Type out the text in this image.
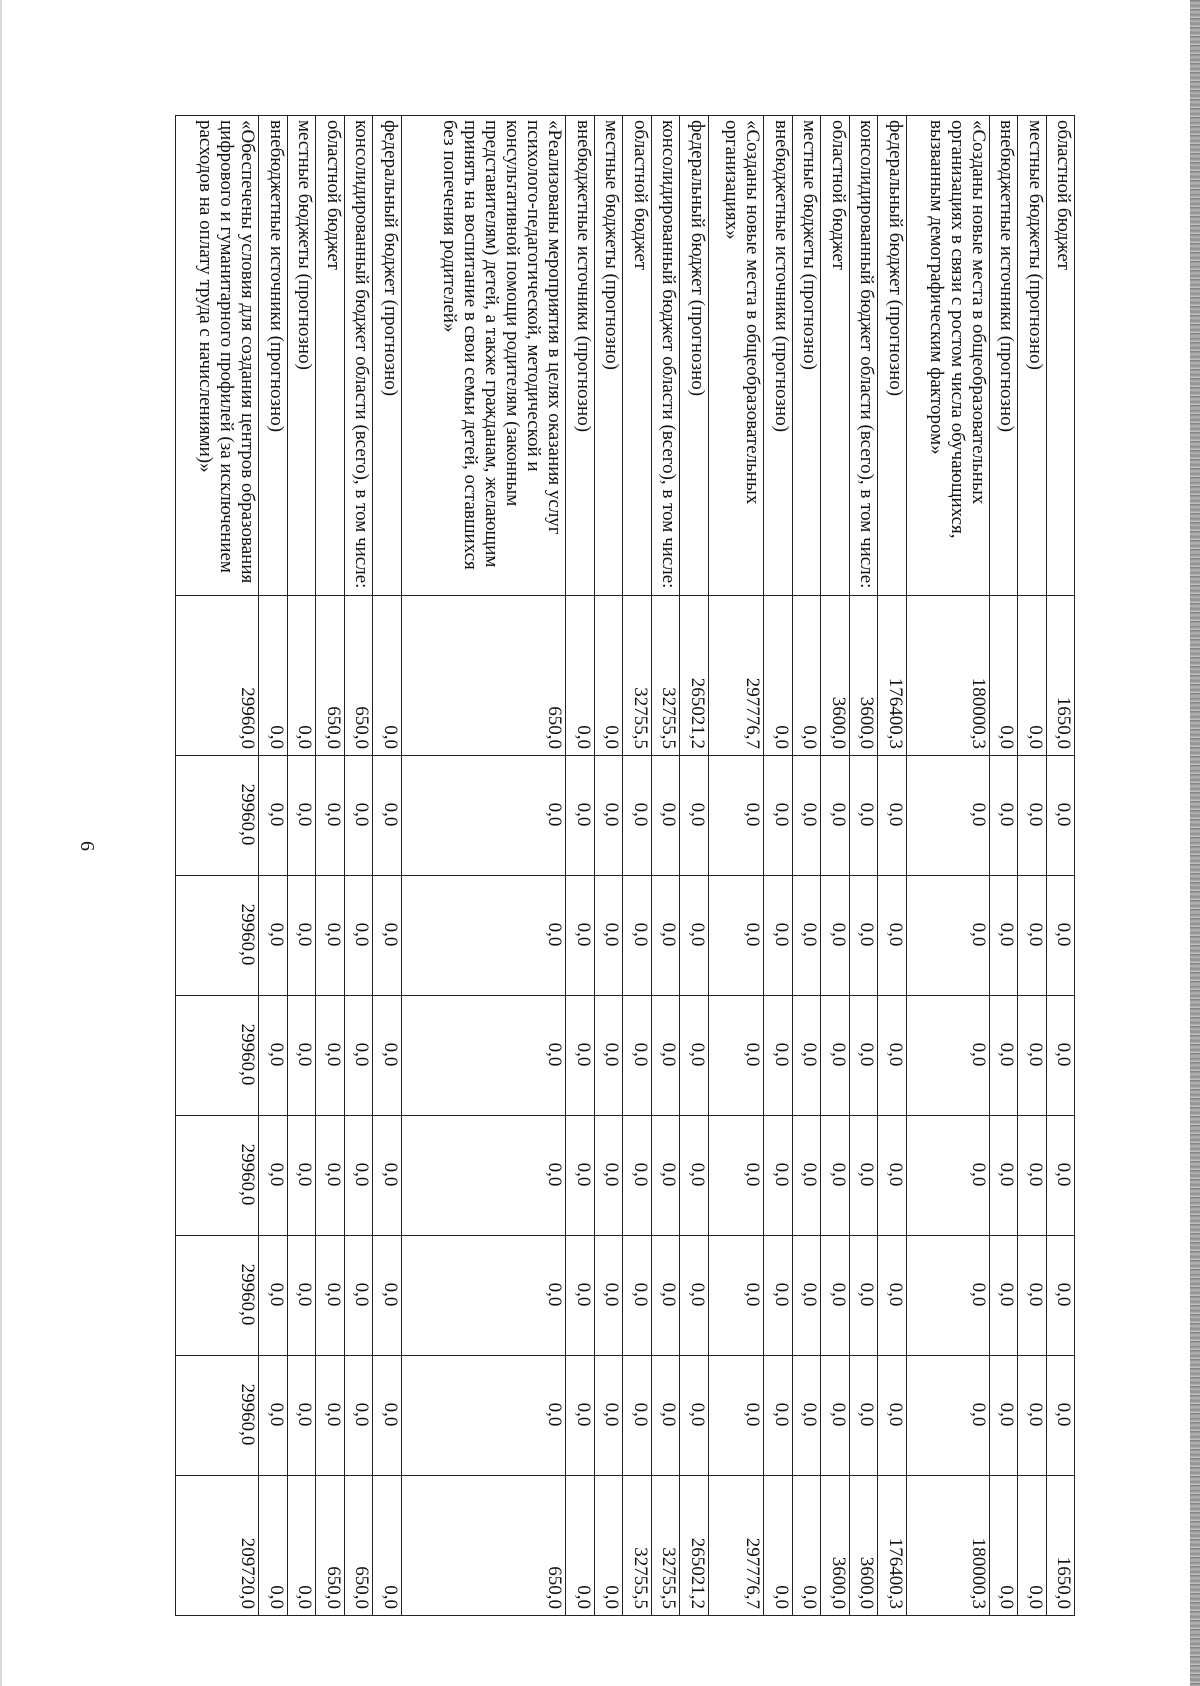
6
областной бюджет	1650,0	0,0	0,0	0,0	0,0	0,0	0,0	1650,0
местные бюджеты (прогнозно)	0,0	0,0	0,0	0,0	0,0	0,0	0,0	0,0
внебюджетные источники (прогнозно)	0,0	0,0	0,0	0,0	0,0	0,0	0,0	0,0
«Созданы новые места в общеобразовательных организациях в связи с ростом числа обучающихся, вызванным демографическим фактором»	180000,3	0,0	0,0	0,0	0,0	0,0	0,0	180000,3
федеральный бюджет (прогнозно)	176400,3	0,0	0,0	0,0	0,0	0,0	0,0	176400,3
консолидированный бюджет области (всего), в том числе:	3600,0	0,0	0,0	0,0	0,0	0,0	0,0	3600,0
областной бюджет	3600,0	0,0	0,0	0,0	0,0	0,0	0,0	3600,0
местные бюджеты (прогнозно)	0,0	0,0	0,0	0,0	0,0	0,0	0,0	0,0
внебюджетные источники (прогнозно)	0,0	0,0	0,0	0,0	0,0	0,0	0,0	0,0
«Созданы новые места в общеобразовательных организациях»	297776,7	0,0	0,0	0,0	0,0	0,0	0,0	297776,7
федеральный бюджет (прогнозно)	265021,2	0,0	0,0	0,0	0,0	0,0	0,0	265021,2
консолидированный бюджет области (всего), в том числе:	32755,5	0,0	0,0	0,0	0,0	0,0	0,0	32755,5
областной бюджет	32755,5	0,0	0,0	0,0	0,0	0,0	0,0	32755,5
местные бюджеты (прогнозно)	0,0	0,0	0,0	0,0	0,0	0,0	0,0	0,0
внебюджетные источники (прогнозно)	0,0	0,0	0,0	0,0	0,0	0,0	0,0	0,0
«Реализованы мероприятия в целях оказания услуг психолого-педагогической, методической и консультативной помощи родителям (законным представителям) детей, а также гражданам, желающим принять на воспитание в свои семьи детей, оставшихся без попечения родителей»	650,0	0,0	0,0	0,0	0,0	0,0	0,0	650,0
федеральный бюджет (прогнозно)	0,0	0,0	0,0	0,0	0,0	0,0	0,0	0,0
консолидированный бюджет области (всего), в том числе:	650,0	0,0	0,0	0,0	0,0	0,0	0,0	650,0
областной бюджет	650,0	0,0	0,0	0,0	0,0	0,0	0,0	650,0
местные бюджеты (прогнозно)	0,0	0,0	0,0	0,0	0,0	0,0	0,0	0,0
внебюджетные источники (прогнозно)	0,0	0,0	0,0	0,0	0,0	0,0	0,0	0,0
«Обеспечены условия для создания центров образования цифрового и гуманитарного профилей (за исключением расходов на оплату труда с начислениями)»	29960,0	29960,0	29960,0	29960,0	29960,0	29960,0	29960,0	209720,0
